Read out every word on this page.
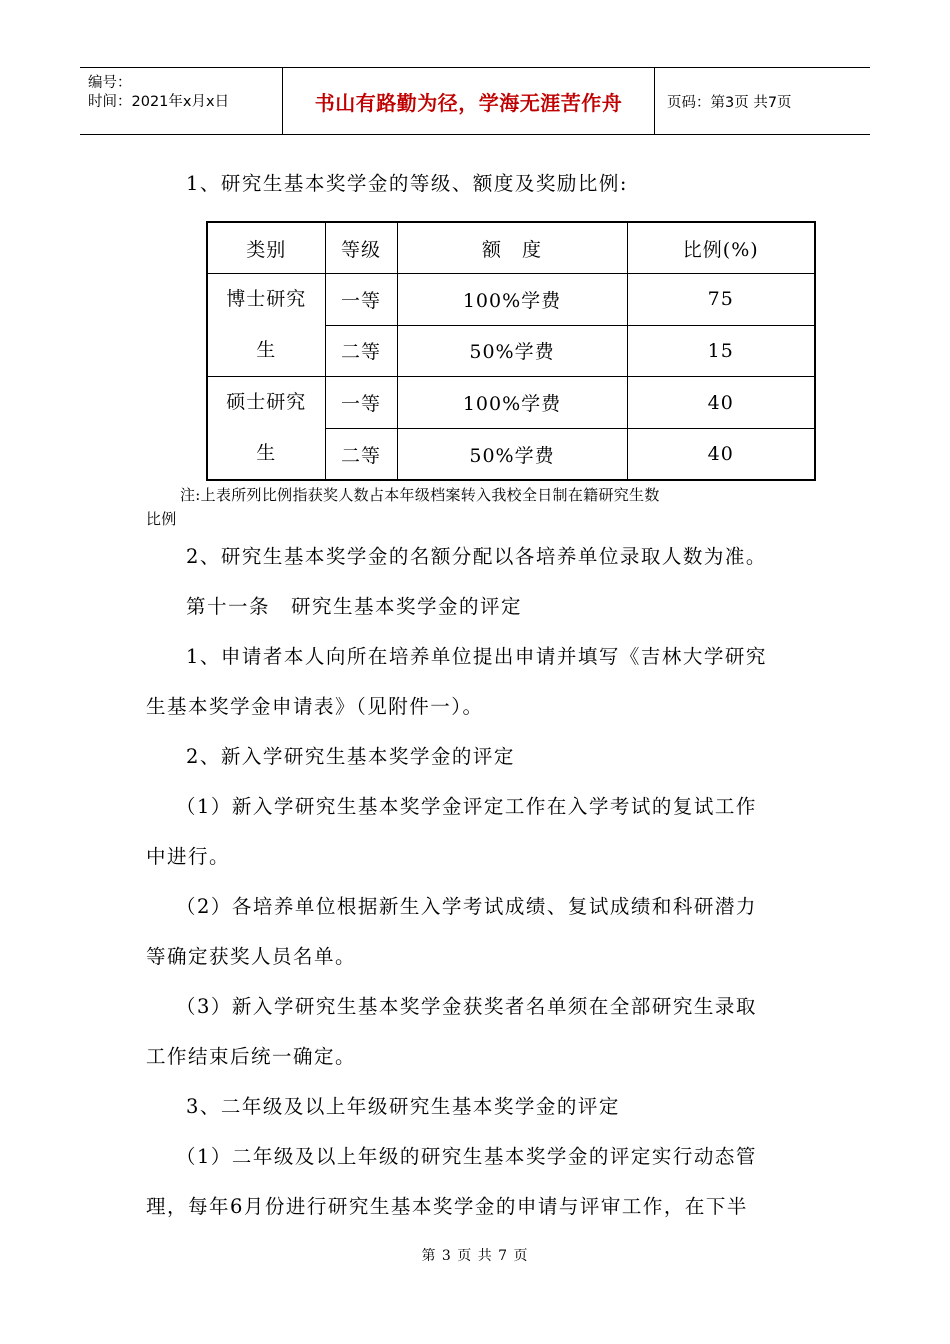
编号：
时间：2021年x月x日	书山有路勤为径，学海无涯苦作舟	页码：第3页 共7页
1、研究生基本奖学金的等级、额度及奖励比例:
类别	等级	额　度	比例(%)

博士研究
生	一等	100%学费	75
	二等	50%学费	15

硕士研究
生	一等	100%学费	40
	二等	50%学费	40
注:上表所列比例指获奖人数占本年级档案转入我校全日制在籍研究生数
比例
2、研究生基本奖学金的名额分配以各培养单位录取人数为准。
第十一条　研究生基本奖学金的评定
1、申请者本人向所在培养单位提出申请并填写《吉林大学研究
生基本奖学金申请表》（见附件一）。
2、新入学研究生基本奖学金的评定
（1）新入学研究生基本奖学金评定工作在入学考试的复试工作
中进行。
（2）各培养单位根据新生入学考试成绩、复试成绩和科研潜力
等确定获奖人员名单。
（3）新入学研究生基本奖学金获奖者名单须在全部研究生录取
工作结束后统一确定。
3、二年级及以上年级研究生基本奖学金的评定
（1）二年级及以上年级的研究生基本奖学金的评定实行动态管
理，每年6月份进行研究生基本奖学金的申请与评审工作，在下半
第 3 页 共 7 页
